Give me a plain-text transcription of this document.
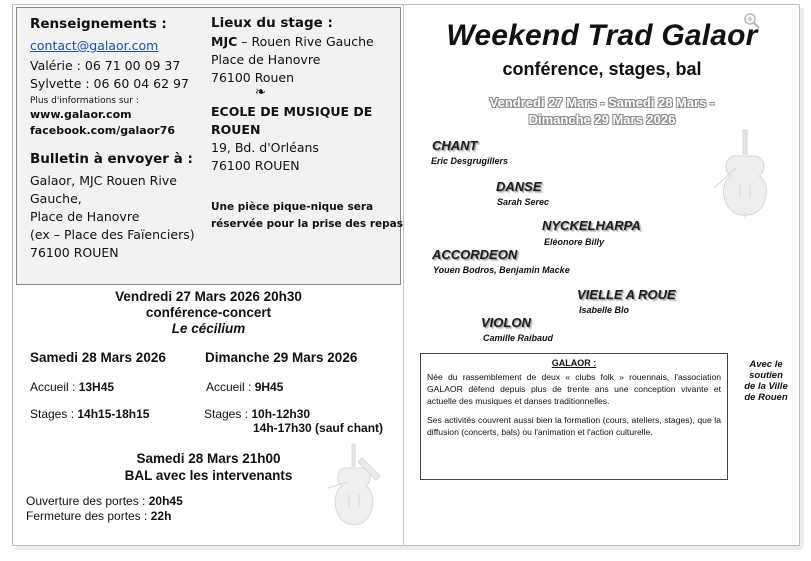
Renseignements :
contact@galaor.com
Valérie : 06 71 00 09 37
Sylvette : 06 60 04 62 97
Plus d'informations sur :
www.galaor.com
facebook.com/galaor76
Bulletin à envoyer à :
Galaor, MJC Rouen Rive
Gauche,
Place de Hanovre
(ex – Place des Faïenciers)
76100 ROUEN
Lieux du stage :
MJC – Rouen Rive Gauche
Place de Hanovre
76100 Rouen
❧
ECOLE DE MUSIQUE DE
ROUEN
19, Bd. d'Orléans
76100 ROUEN
Une pièce pique-nique sera
réservée pour la prise des repas
Vendredi 27 Mars 2026 20h30
conférence-concert
Le cécilium
Samedi 28 Mars 2026
Accueil : 13H45
Stages : 14h15-18h15
Dimanche 29 Mars 2026
Accueil : 9H45
Stages : 10h-12h30
14h-17h30 (sauf chant)
Samedi 28 Mars 21h00
BAL avec les intervenants
Ouverture des portes : 20h45
Fermeture des portes : 22h
Weekend Trad Galaor
conférence, stages, bal
Vendredi 27 Mars - Samedi 28 Mars -
Dimanche 29 Mars 2026
CHANT
Eric Desgrugillers
DANSE
Sarah Serec
NYCKELHARPA
Eléonore Billy
ACCORDEON
Youen Bodros, Benjamin Macke
VIELLE A ROUE
Isabelle Blo
VIOLON
Camille Raibaud
GALAOR :
Née du rassemblement de deux « clubs folk » rouennais, l'association GALAOR défend depuis plus de trente ans une conception vivante et actuelle des musiques et danses traditionnelles.
Ses activités couvrent aussi bien la formation (cours, ateliers, stages), que la diffusion (concerts, bals) ou l'animation et l'action culturelle.
Avec le
soutien
de la Ville
de Rouen
